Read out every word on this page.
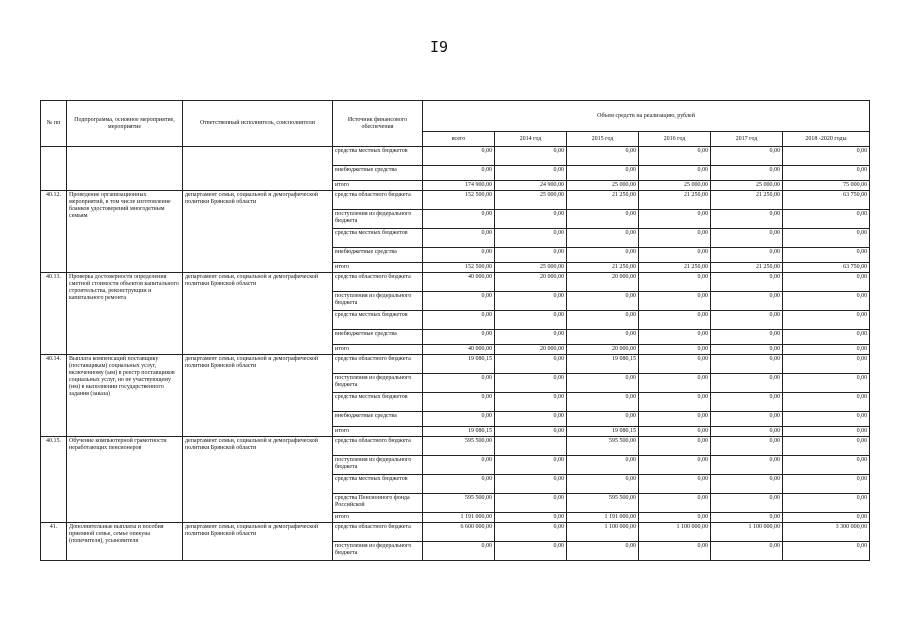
I9
№ пп	Подпрограмма, основное мероприятие, мероприятие	Ответственный исполнитель, соисполнители	Источник финансового обеспечения	Объем средств на реализацию, рублей					
				всего	2014 год	2015 год	2016 год	2017 год	2018 -2020 годы
			средства местных бюджетов	0,00	0,00	0,00	0,00	0,00	0,00
			внебюджетные средства	0,00	0,00	0,00	0,00	0,00	0,00
			итого	174 900,00	24 900,00	25 000,00	25 000,00	25 000,00	75 000,00
40.12.	Проведение организационных мероприятий, в том числе изготовление бланков удостоверений многодетным семьям	департамент семьи, социальной и демографической политики Брянской области	средства областного бюджета	152 500,00	25 000,00	21 250,00	21 250,00	21 250,00	63 750,00
			поступления из федерального бюджета	0,00	0,00	0,00	0,00	0,00	0,00
			средства местных бюджетов	0,00	0,00	0,00	0,00	0,00	0,00
			внебюджетные средства	0,00	0,00	0,00	0,00	0,00	0,00
			итого	152 500,00	25 000,00	21 250,00	21 250,00	21 250,00	63 750,00
40.13.	Проверка достоверности определения сметной стоимости объектов капитального строительства, реконструкции и капитального ремонта	департамент семьи, социальной и демографической политики Брянской области	средства областного бюджета	40 000,00	20 000,00	20 000,00	0,00	0,00	0,00
			поступления из федерального бюджета	0,00	0,00	0,00	0,00	0,00	0,00
			средства местных бюджетов	0,00	0,00	0,00	0,00	0,00	0,00
			внебюджетные средства	0,00	0,00	0,00	0,00	0,00	0,00
			итого	40 000,00	20 000,00	20 000,00	0,00	0,00	0,00
40.14.	Выплата компенсаций поставщику (поставщикам) социальных услуг, включенному (ым) в реестр поставщиков социальных услуг, но не участвующему (им) в выполнении государственного задания (заказа)	департамент семьи, социальной и демографической политики Брянской области	средства областного бюджета	19 080,15	0,00	19 080,15	0,00	0,00	0,00
			поступления из федерального бюджета	0,00	0,00	0,00	0,00	0,00	0,00
			средства местных бюджетов	0,00	0,00	0,00	0,00	0,00	0,00
			внебюджетные средства	0,00	0,00	0,00	0,00	0,00	0,00
			итого	19 080,15	0,00	19 080,15	0,00	0,00	0,00
40.15.	Обучение компьютерной грамотности неработающих пенсионеров	департамент семьи, социальной и демографической политики Брянской области	средства областного бюджета	595 500,00		595 500,00	0,00	0,00	0,00
			поступления из федерального бюджета	0,00	0,00	0,00	0,00	0,00	0,00
			средства местных бюджетов	0,00	0,00	0,00	0,00	0,00	0,00
			средства Пенсионного фонда Российской	595 500,00	0,00	595 500,00	0,00	0,00	0,00
			итого	1 191 000,00	0,00	1 191 000,00	0,00	0,00	0,00
41.	Дополнительные выплаты и пособия приемной семье, семье опекуна (попечителя), усыновителя	департамент семьи, социальной и демографической политики Брянской области	средства областного бюджета	6 600 000,00	0,00	1 100 000,00	1 100 000,00	1 100 000,00	3 300 000,00
			поступления из федерального бюджета	0,00	0,00	0,00	0,00	0,00	0,00
